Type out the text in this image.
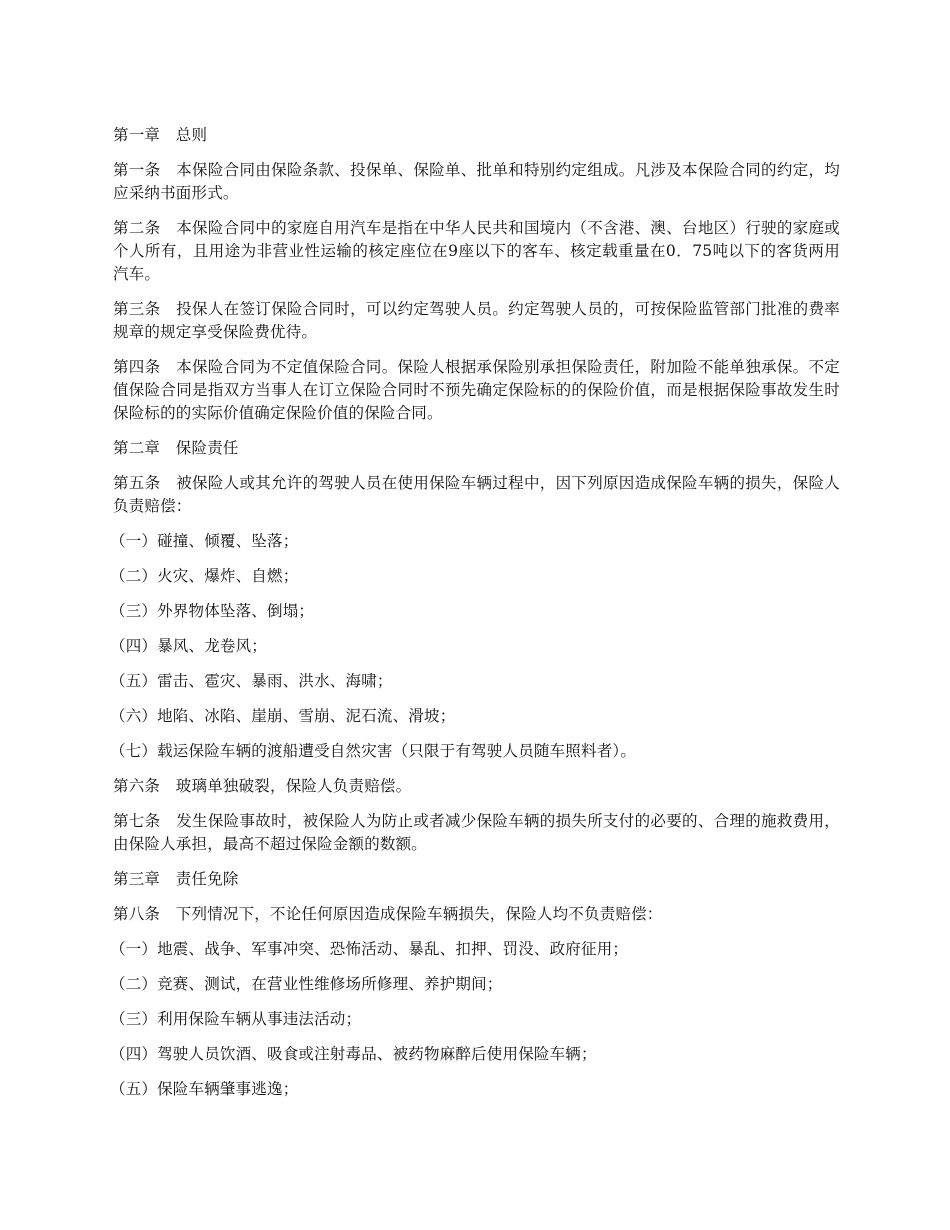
第一章　总则

第一条　本保险合同由保险条款、投保单、保险单、批单和特别约定组成。凡涉及本保险合同的约定，均应采纳书面形式。

第二条　本保险合同中的家庭自用汽车是指在中华人民共和国境内（不含港、澳、台地区）行驶的家庭或个人所有，且用途为非营业性运输的核定座位在9座以下的客车、核定载重量在0．75吨以下的客货两用汽车。

第三条　投保人在签订保险合同时，可以约定驾驶人员。约定驾驶人员的，可按保险监管部门批准的费率规章的规定享受保险费优待。

第四条　本保险合同为不定值保险合同。保险人根据承保险别承担保险责任，附加险不能单独承保。不定值保险合同是指双方当事人在订立保险合同时不预先确定保险标的的保险价值，而是根据保险事故发生时保险标的的实际价值确定保险价值的保险合同。

第二章　保险责任

第五条　被保险人或其允许的驾驶人员在使用保险车辆过程中，因下列原因造成保险车辆的损失，保险人负责赔偿：

（一）碰撞、倾覆、坠落；

（二）火灾、爆炸、自燃；

（三）外界物体坠落、倒塌；

（四）暴风、龙卷风；

（五）雷击、雹灾、暴雨、洪水、海啸；

（六）地陷、冰陷、崖崩、雪崩、泥石流、滑坡；

（七）载运保险车辆的渡船遭受自然灾害（只限于有驾驶人员随车照料者）。

第六条　玻璃单独破裂，保险人负责赔偿。

第七条　发生保险事故时，被保险人为防止或者减少保险车辆的损失所支付的必要的、合理的施救费用，由保险人承担，最高不超过保险金额的数额。

第三章　责任免除

第八条　下列情况下，不论任何原因造成保险车辆损失，保险人均不负责赔偿：

（一）地震、战争、军事冲突、恐怖活动、暴乱、扣押、罚没、政府征用；

（二）竞赛、测试，在营业性维修场所修理、养护期间；

（三）利用保险车辆从事违法活动；

（四）驾驶人员饮酒、吸食或注射毒品、被药物麻醉后使用保险车辆；

（五）保险车辆肇事逃逸；
